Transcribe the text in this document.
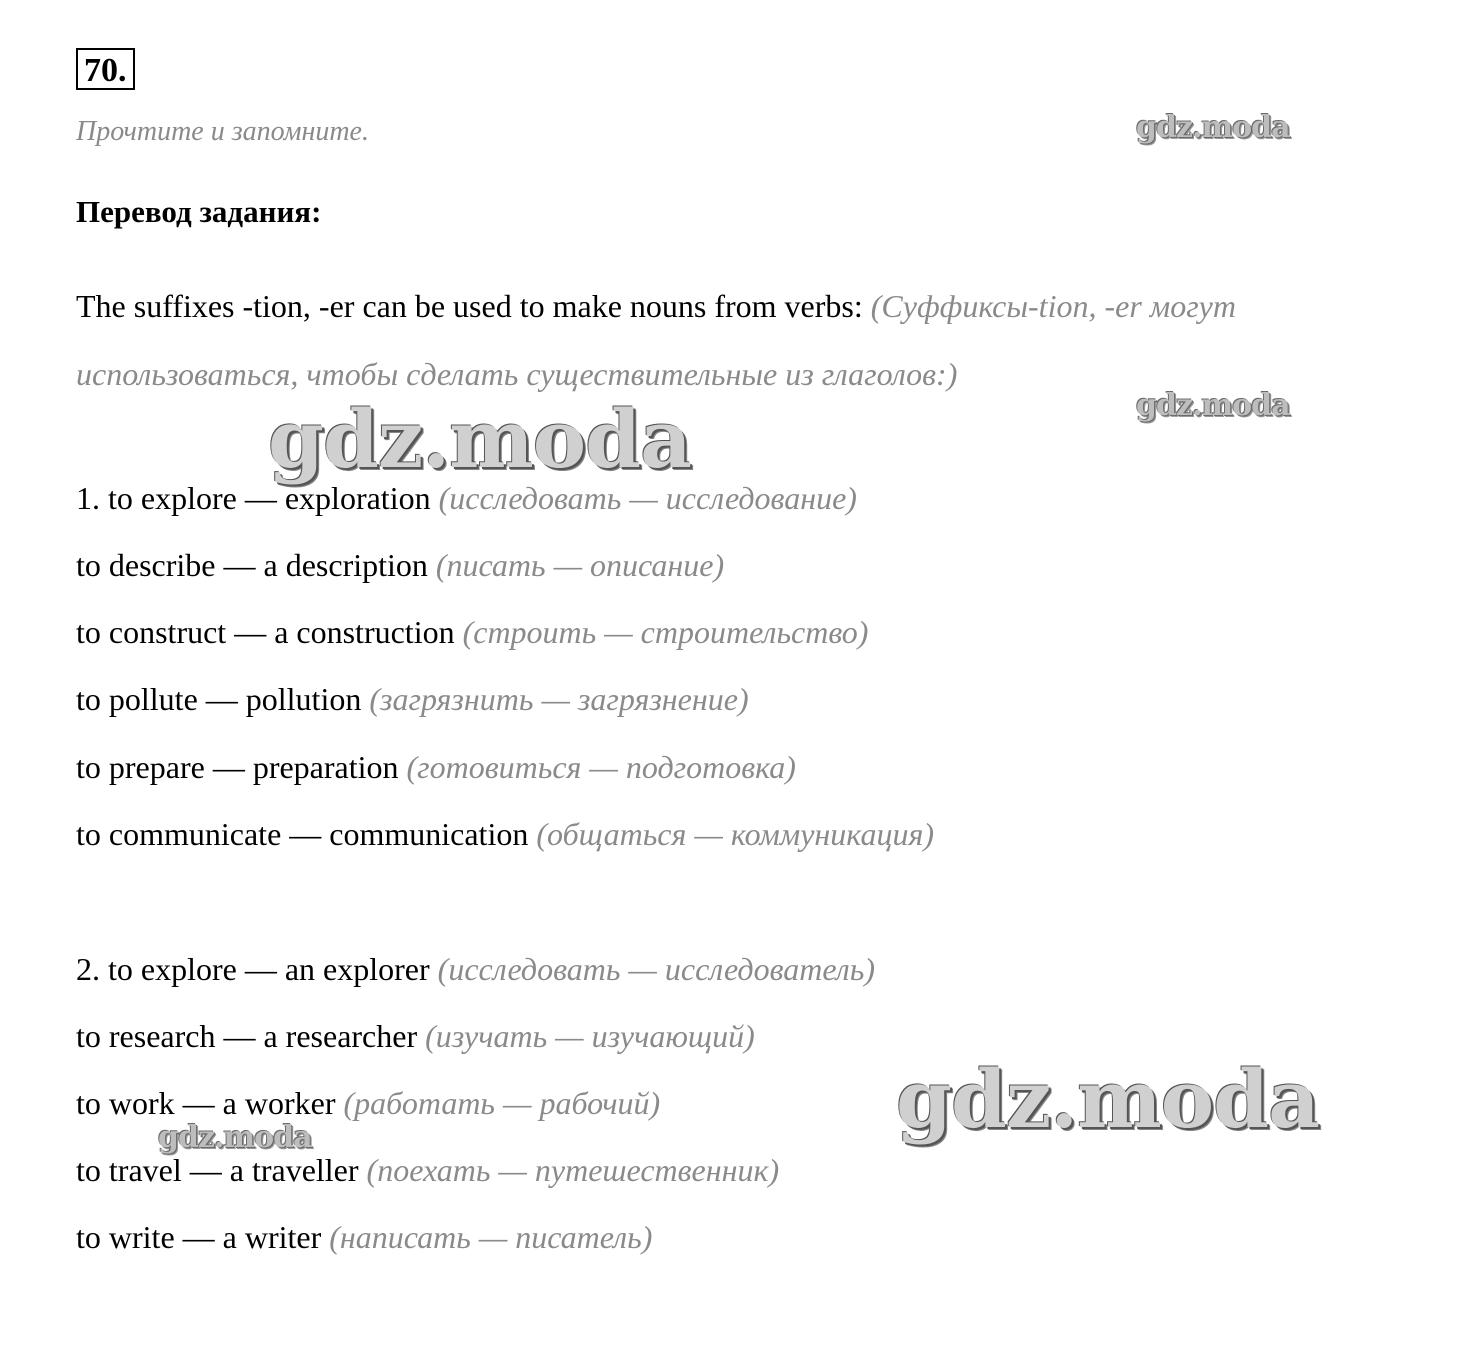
70.
Прочтите и запомните.
Перевод задания:
The suffixes -tion, -er can be used to make nouns from verbs: (Суффиксы-tion, -er могут использоваться, чтобы сделать существительные из глаголов:)
1. to explore — exploration (исследовать — исследование)
to describe — a description (писать — описание)
to construct — a construction (строить — строительство)
to pollute — pollution (загрязнить — загрязнение)
to prepare — preparation (готовиться — подготовка)
to communicate — communication (общаться — коммуникация)
2. to explore — an explorer (исследовать — исследователь)
to research — a researcher (изучать — изучающий)
to work — a worker (работать — рабочий)
to travel — a traveller (поехать — путешественник)
to write — a writer (написать — писатель)
gdz.moda
gdz.moda
gdz.moda
gdz.moda
gdz.moda
